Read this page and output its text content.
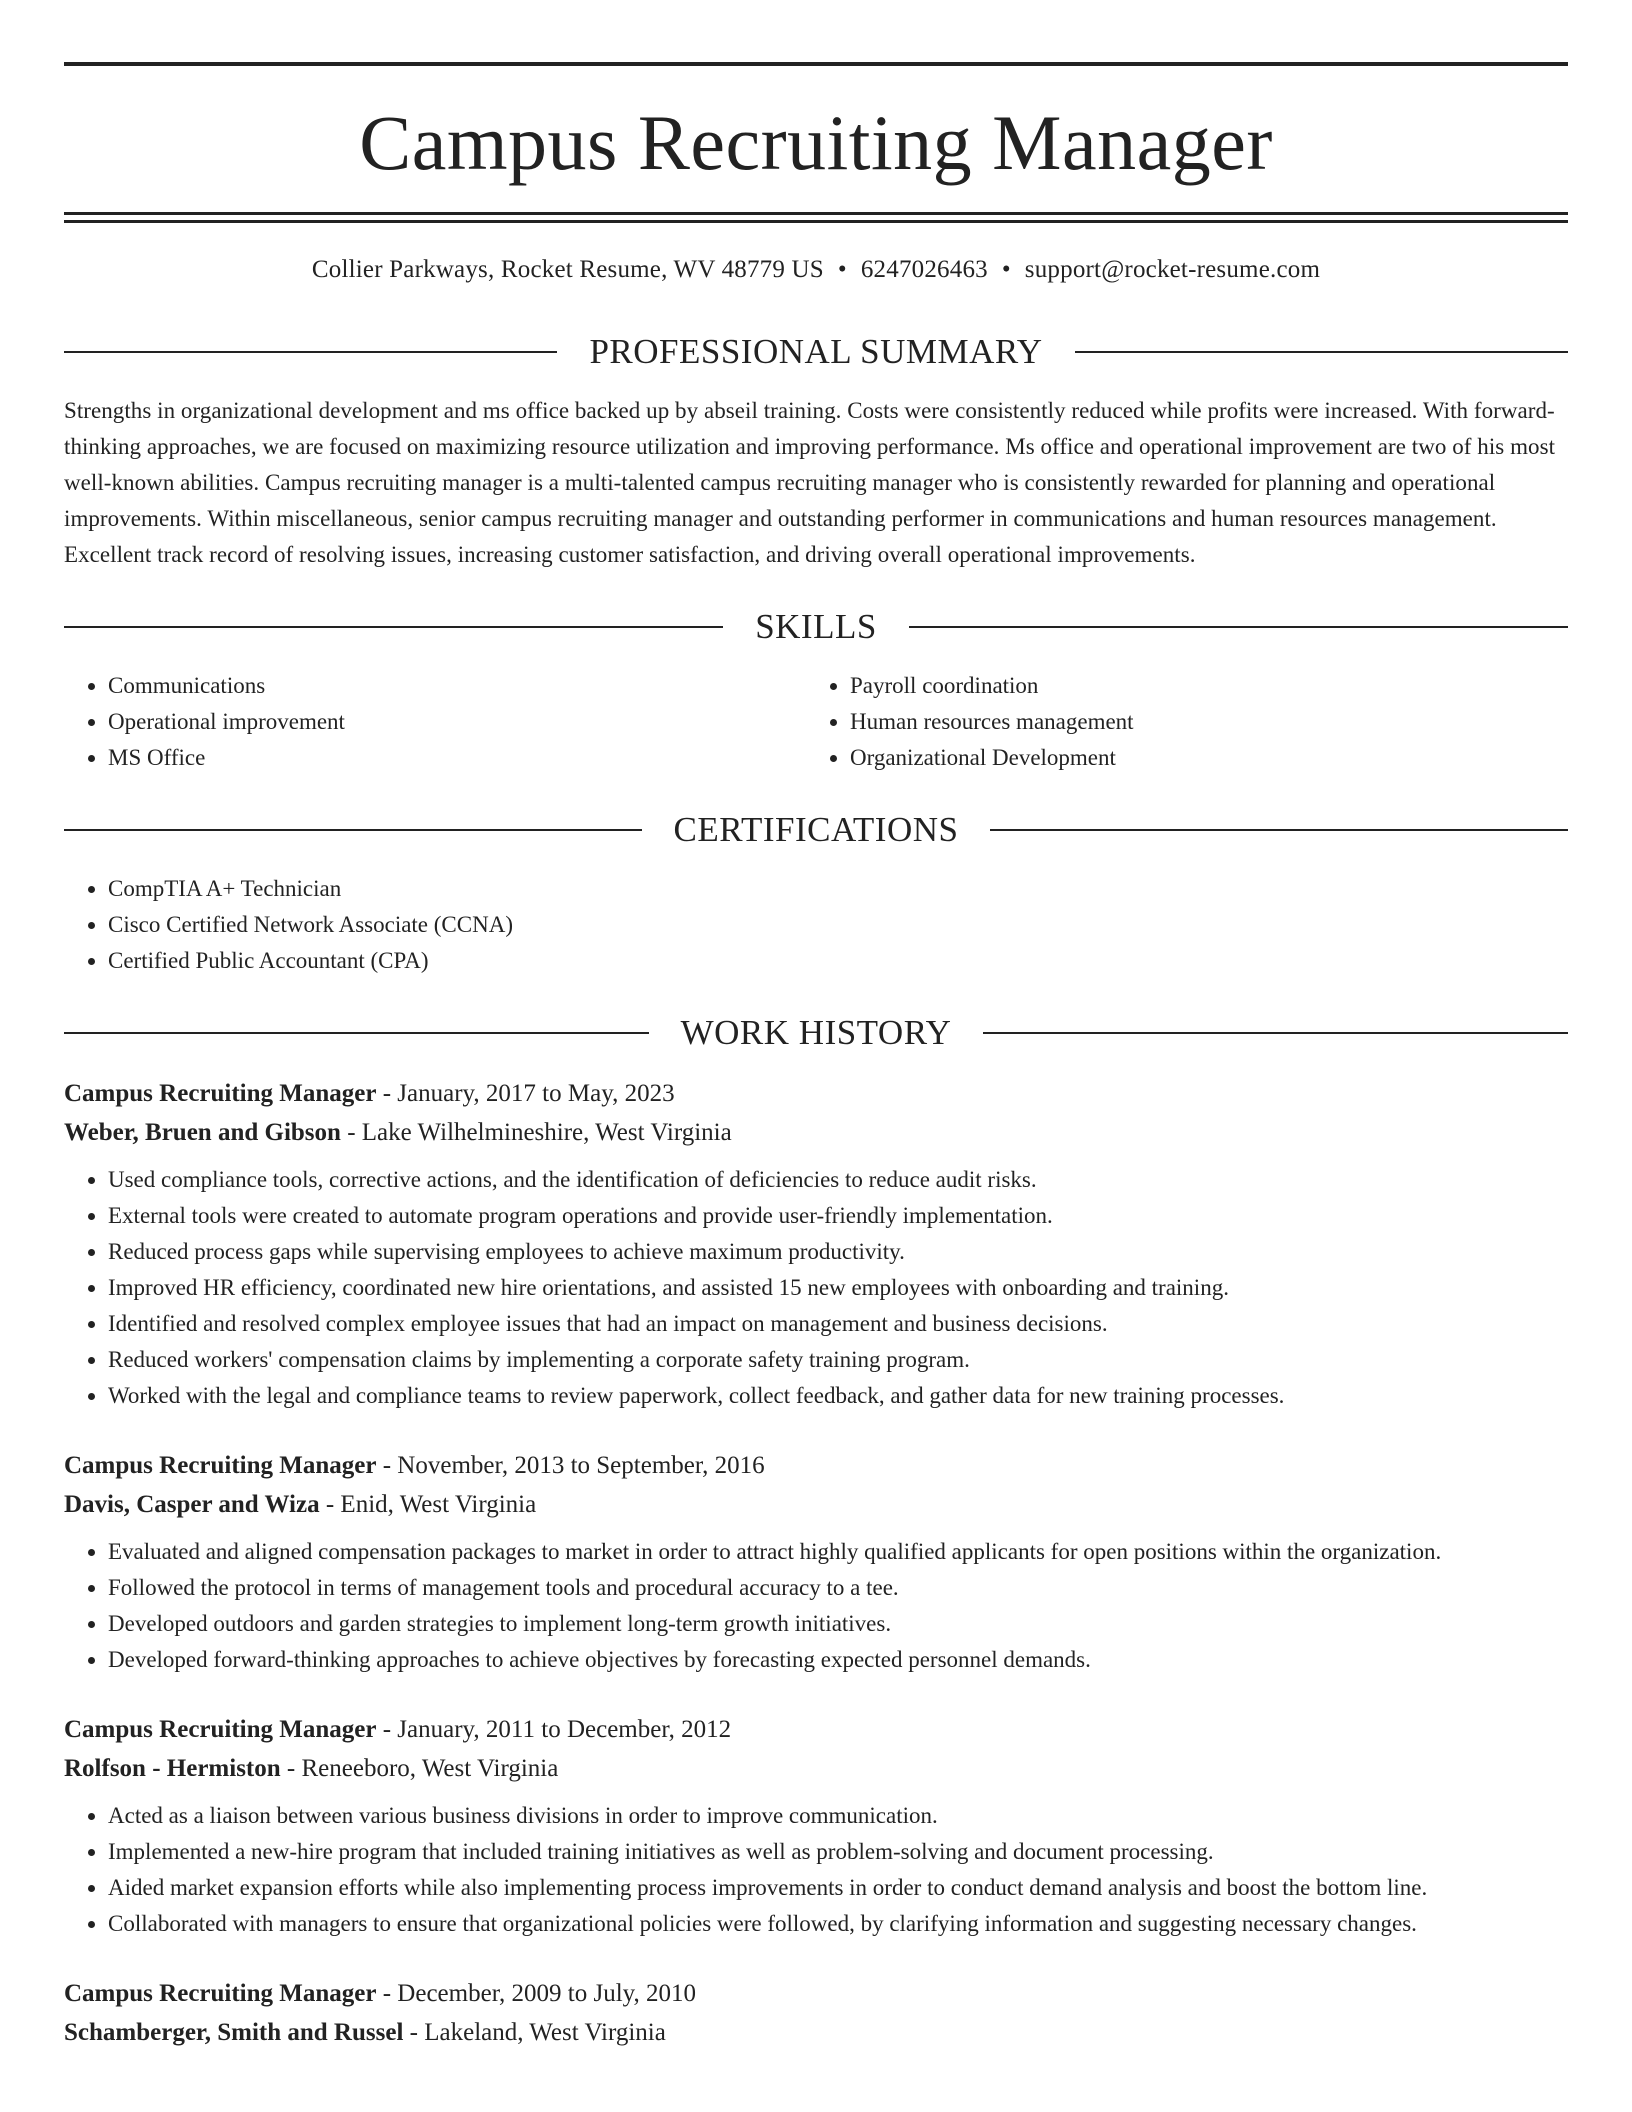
Campus Recruiting Manager
Collier Parkways, Rocket Resume, WV 48779 US • 6247026463 • support@rocket-resume.com
PROFESSIONAL SUMMARY

Strengths in organizational development and ms office backed up by abseil training. Costs were consistently reduced while profits were increased. With forward-thinking approaches, we are focused on maximizing resource utilization and improving performance. Ms office and operational improvement are two of his most well-known abilities. Campus recruiting manager is a multi-talented campus recruiting manager who is consistently rewarded for planning and operational improvements. Within miscellaneous, senior campus recruiting manager and outstanding performer in communications and human resources management. Excellent track record of resolving issues, increasing customer satisfaction, and driving overall operational improvements.

SKILLS
• Communications
• Operational improvement
• MS Office
• Payroll coordination
• Human resources management
• Organizational Development
CERTIFICATIONS
• CompTIA A+ Technician
• Cisco Certified Network Associate (CCNA)
• Certified Public Accountant (CPA)
WORK HISTORY
Campus Recruiting Manager - January, 2017 to May, 2023
Weber, Bruen and Gibson - Lake Wilhelmineshire, West Virginia
• Used compliance tools, corrective actions, and the identification of deficiencies to reduce audit risks.
• External tools were created to automate program operations and provide user-friendly implementation.
• Reduced process gaps while supervising employees to achieve maximum productivity.
• Improved HR efficiency, coordinated new hire orientations, and assisted 15 new employees with onboarding and training.
• Identified and resolved complex employee issues that had an impact on management and business decisions.
• Reduced workers' compensation claims by implementing a corporate safety training program.
• Worked with the legal and compliance teams to review paperwork, collect feedback, and gather data for new training processes.
Campus Recruiting Manager - November, 2013 to September, 2016
Davis, Casper and Wiza - Enid, West Virginia
• Evaluated and aligned compensation packages to market in order to attract highly qualified applicants for open positions within the organization.
• Followed the protocol in terms of management tools and procedural accuracy to a tee.
• Developed outdoors and garden strategies to implement long-term growth initiatives.
• Developed forward-thinking approaches to achieve objectives by forecasting expected personnel demands.
Campus Recruiting Manager - January, 2011 to December, 2012
Rolfson - Hermiston - Reneeboro, West Virginia
• Acted as a liaison between various business divisions in order to improve communication.
• Implemented a new-hire program that included training initiatives as well as problem-solving and document processing.
• Aided market expansion efforts while also implementing process improvements in order to conduct demand analysis and boost the bottom line.
• Collaborated with managers to ensure that organizational policies were followed, by clarifying information and suggesting necessary changes.
Campus Recruiting Manager - December, 2009 to July, 2010
Schamberger, Smith and Russel - Lakeland, West Virginia
